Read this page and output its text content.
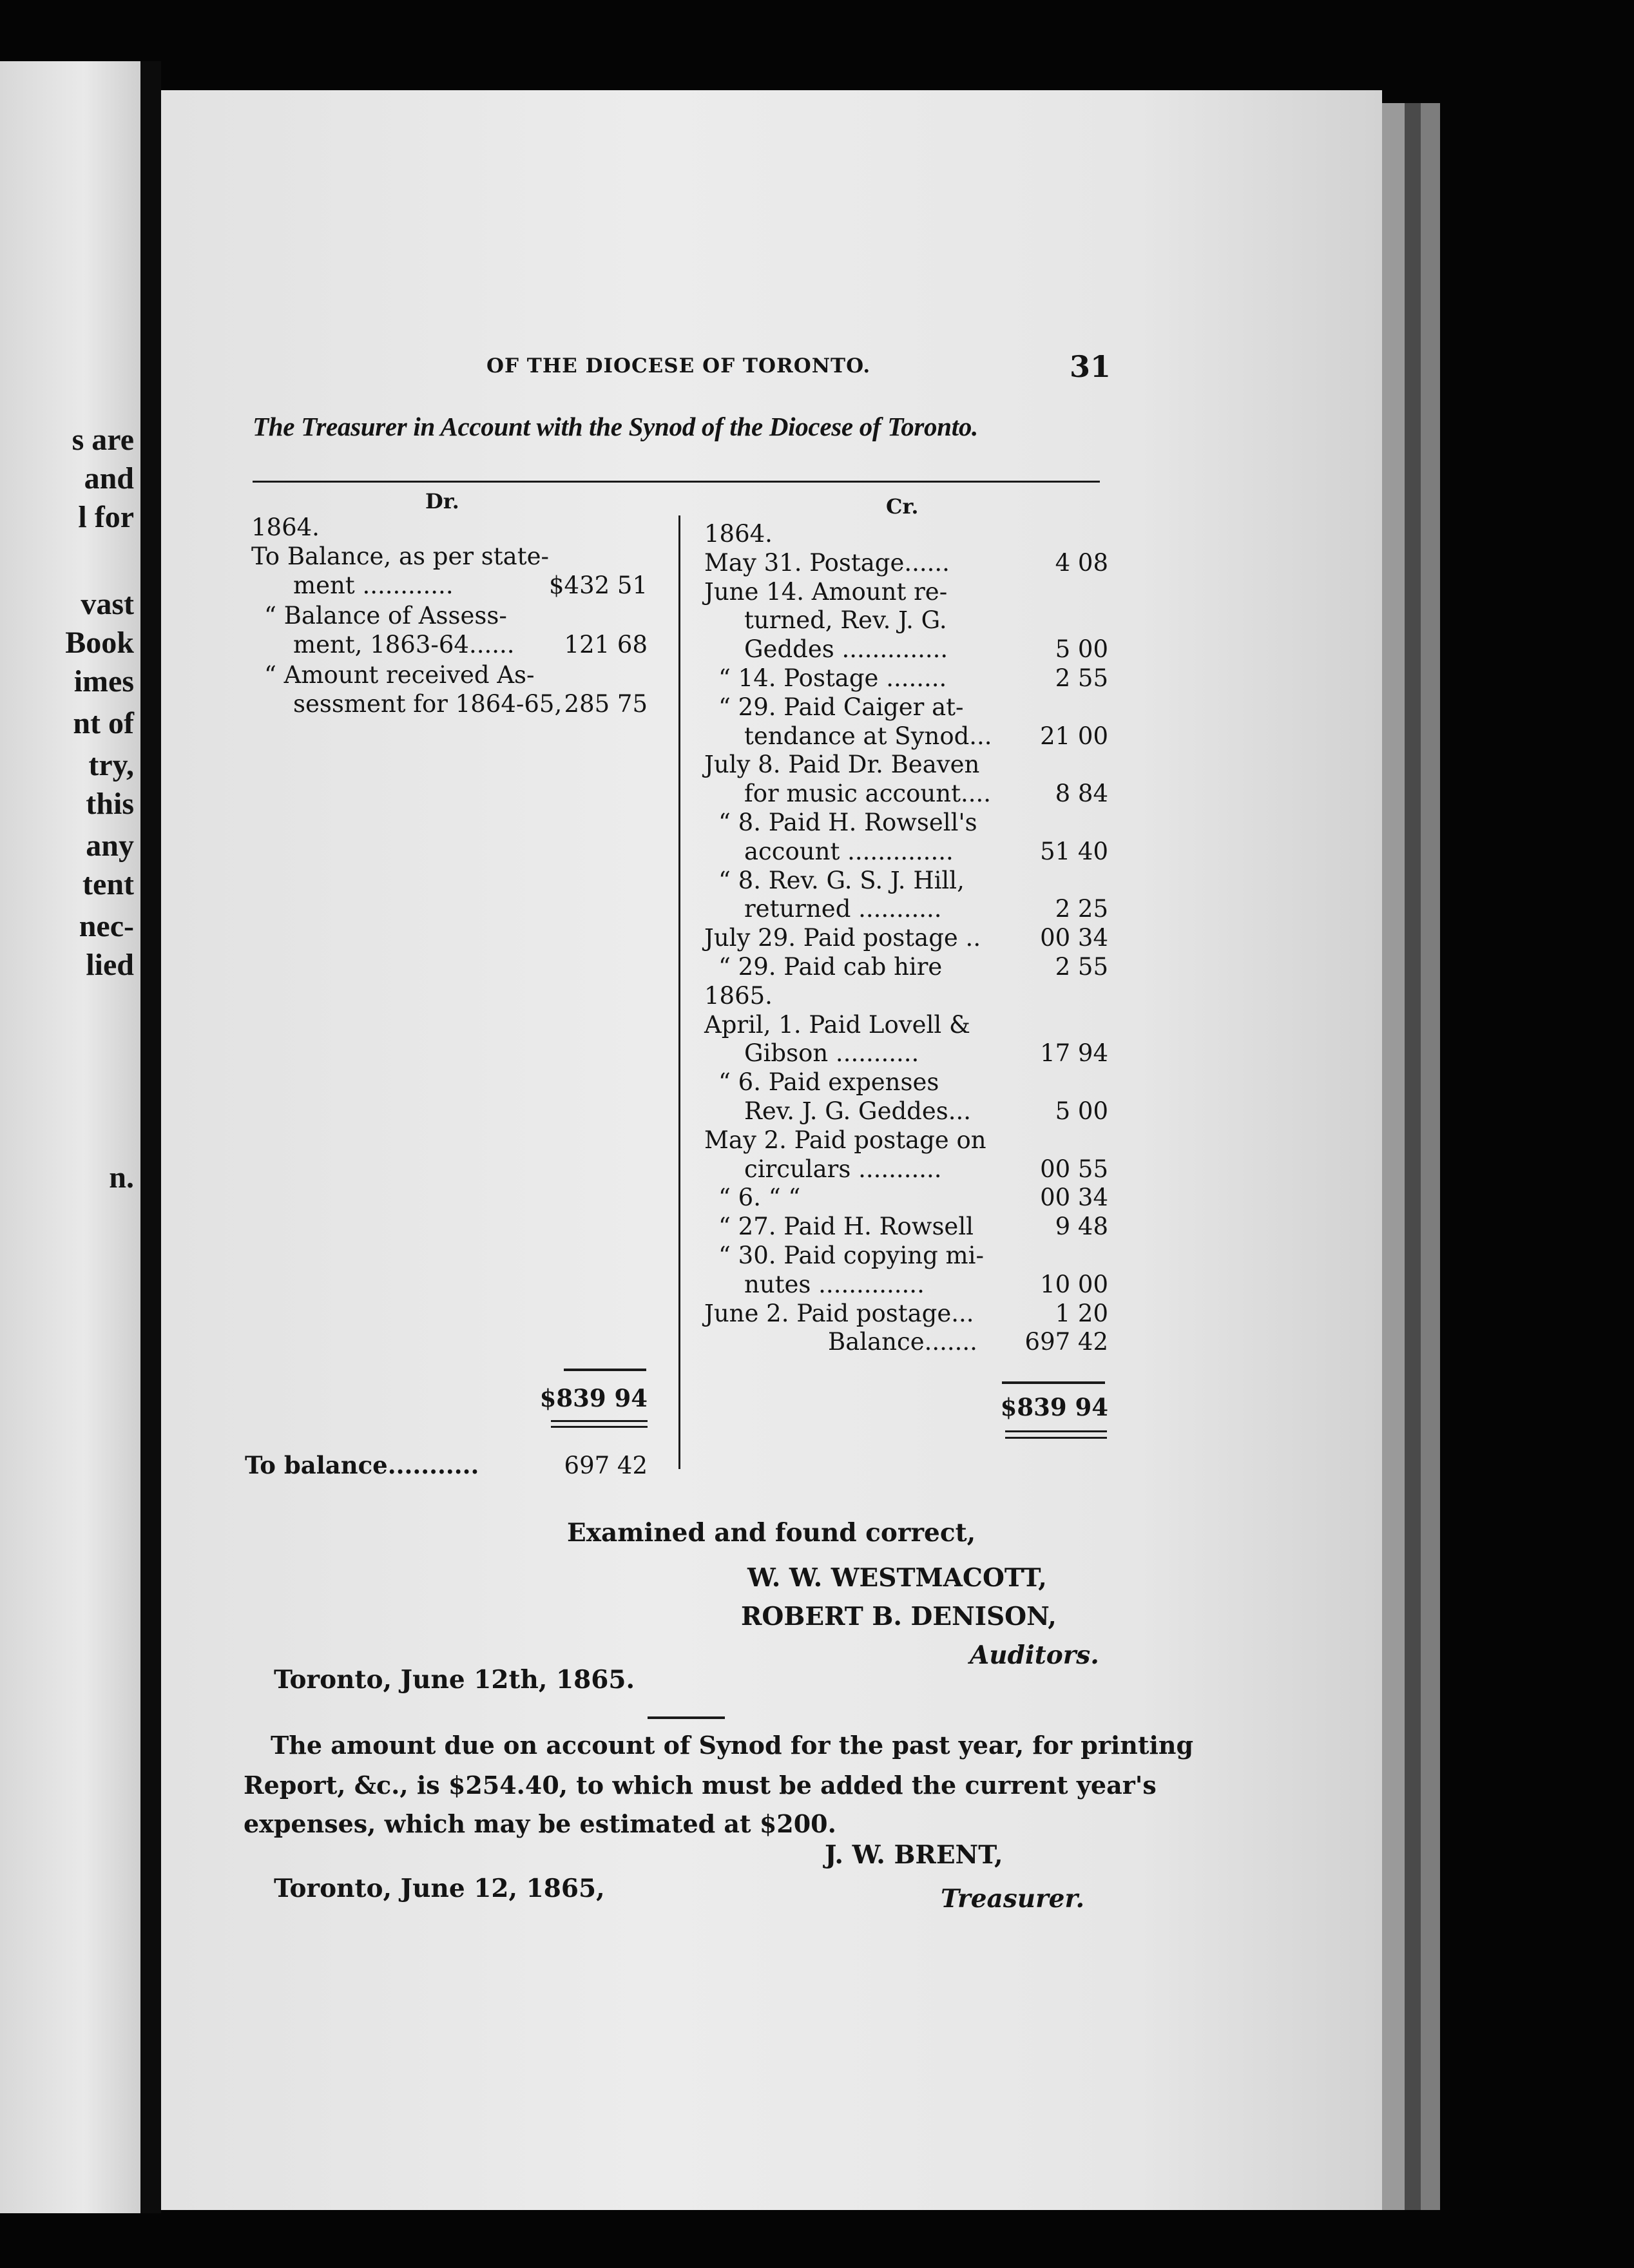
s are
and
l for
vast
Book
imes
nt of
try,
this
any
tent
nec-
lied
n.
OF THE DIOCESE OF TORONTO.	31
The Treasurer in Account with the Synod of the Diocese of Toronto.
Dr.
1864.
To Balance, as per state-
ment ............	$432 51
“ Balance of Assess-
ment, 1863-64......	121 68
“ Amount received As-
sessment for 1864-65, 285 75
$839 94
To balance...........	697 42
Cr.
1864.
May 31. Postage......	4 08
June 14. Amount re-
turned, Rev. J. G.
Geddes ..............	5 00
“ 14. Postage ........	2 55
“ 29. Paid Caiger at-
tendance at Synod...	21 00
July 8. Paid Dr. Beaven
for music account....	8 84
“ 8. Paid H. Rowsell's
account ..............	51 40
“ 8. Rev. G. S. J. Hill,
returned ...........	2 25
July 29. Paid postage ..	00 34
“ 29. Paid cab hire	2 55
1865.
April, 1. Paid Lovell &
Gibson ...........	17 94
“ 6. Paid expenses
Rev. J. G. Geddes...	5 00
May 2. Paid postage on
circulars ...........	00 55
“ 6. “ “	00 34
“ 27. Paid H. Rowsell	9 48
“ 30. Paid copying mi-
nutes ..............	10 00
June 2. Paid postage...	1 20
Balance.......	697 42
$839 94
Examined and found correct,
W. W. WESTMACOTT,
ROBERT B. DENISON,
Auditors.
Toronto, June 12th, 1865.
The amount due on account of Synod for the past year, for printing
Report, &c., is $254.40, to which must be added the current year's
expenses, which may be estimated at $200.
J. W. BRENT,
Treasurer.
Toronto, June 12, 1865,
